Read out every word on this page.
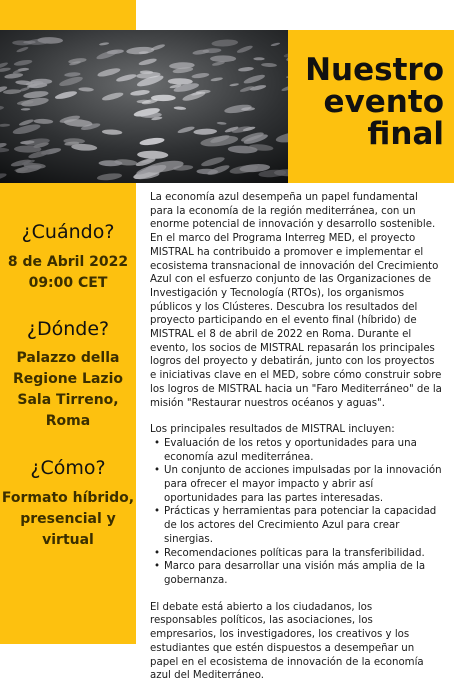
Nuestro
evento
final
¿Cuándo?
8 de Abril 2022
09:00 CET
¿Dónde?
Palazzo della
Regione Lazio
Sala Tirreno,
Roma
¿Cómo?
Formato híbrido,
presencial y
virtual

La economía azul desempeña un papel fundamental para la economía de la región mediterránea, con un enorme potencial de innovación y desarrollo sostenible. En el marco del Programa Interreg MED, el proyecto MISTRAL ha contribuido a promover e implementar el ecosistema transnacional de innovación del Crecimiento Azul con el esfuerzo conjunto de las Organizaciones de Investigación y Tecnología (RTOs), los organismos públicos y los Clústeres. Descubra los resultados del proyecto participando en el evento final (híbrido) de MISTRAL el 8 de abril de 2022 en Roma. Durante el evento, los socios de MISTRAL repasarán los principales logros del proyecto y debatirán, junto con los proyectos e iniciativas clave en el MED, sobre cómo construir sobre los logros de MISTRAL hacia un "Faro Mediterráneo" de la misión "Restaurar nuestros océanos y aguas".

Los principales resultados de MISTRAL incluyen:

• Evaluación de los retos y oportunidades para una economía azul mediterránea.
• Un conjunto de acciones impulsadas por la innovación para ofrecer el mayor impacto y abrir así oportunidades para las partes interesadas.
• Prácticas y herramientas para potenciar la capacidad de los actores del Crecimiento Azul para crear sinergias.
• Recomendaciones políticas para la transferibilidad.
• Marco para desarrollar una visión más amplia de la gobernanza.

El debate está abierto a los ciudadanos, los responsables políticos, las asociaciones, los empresarios, los investigadores, los creativos y los estudiantes que estén dispuestos a desempeñar un papel en el ecosistema de innovación de la economía azul del Mediterráneo.
